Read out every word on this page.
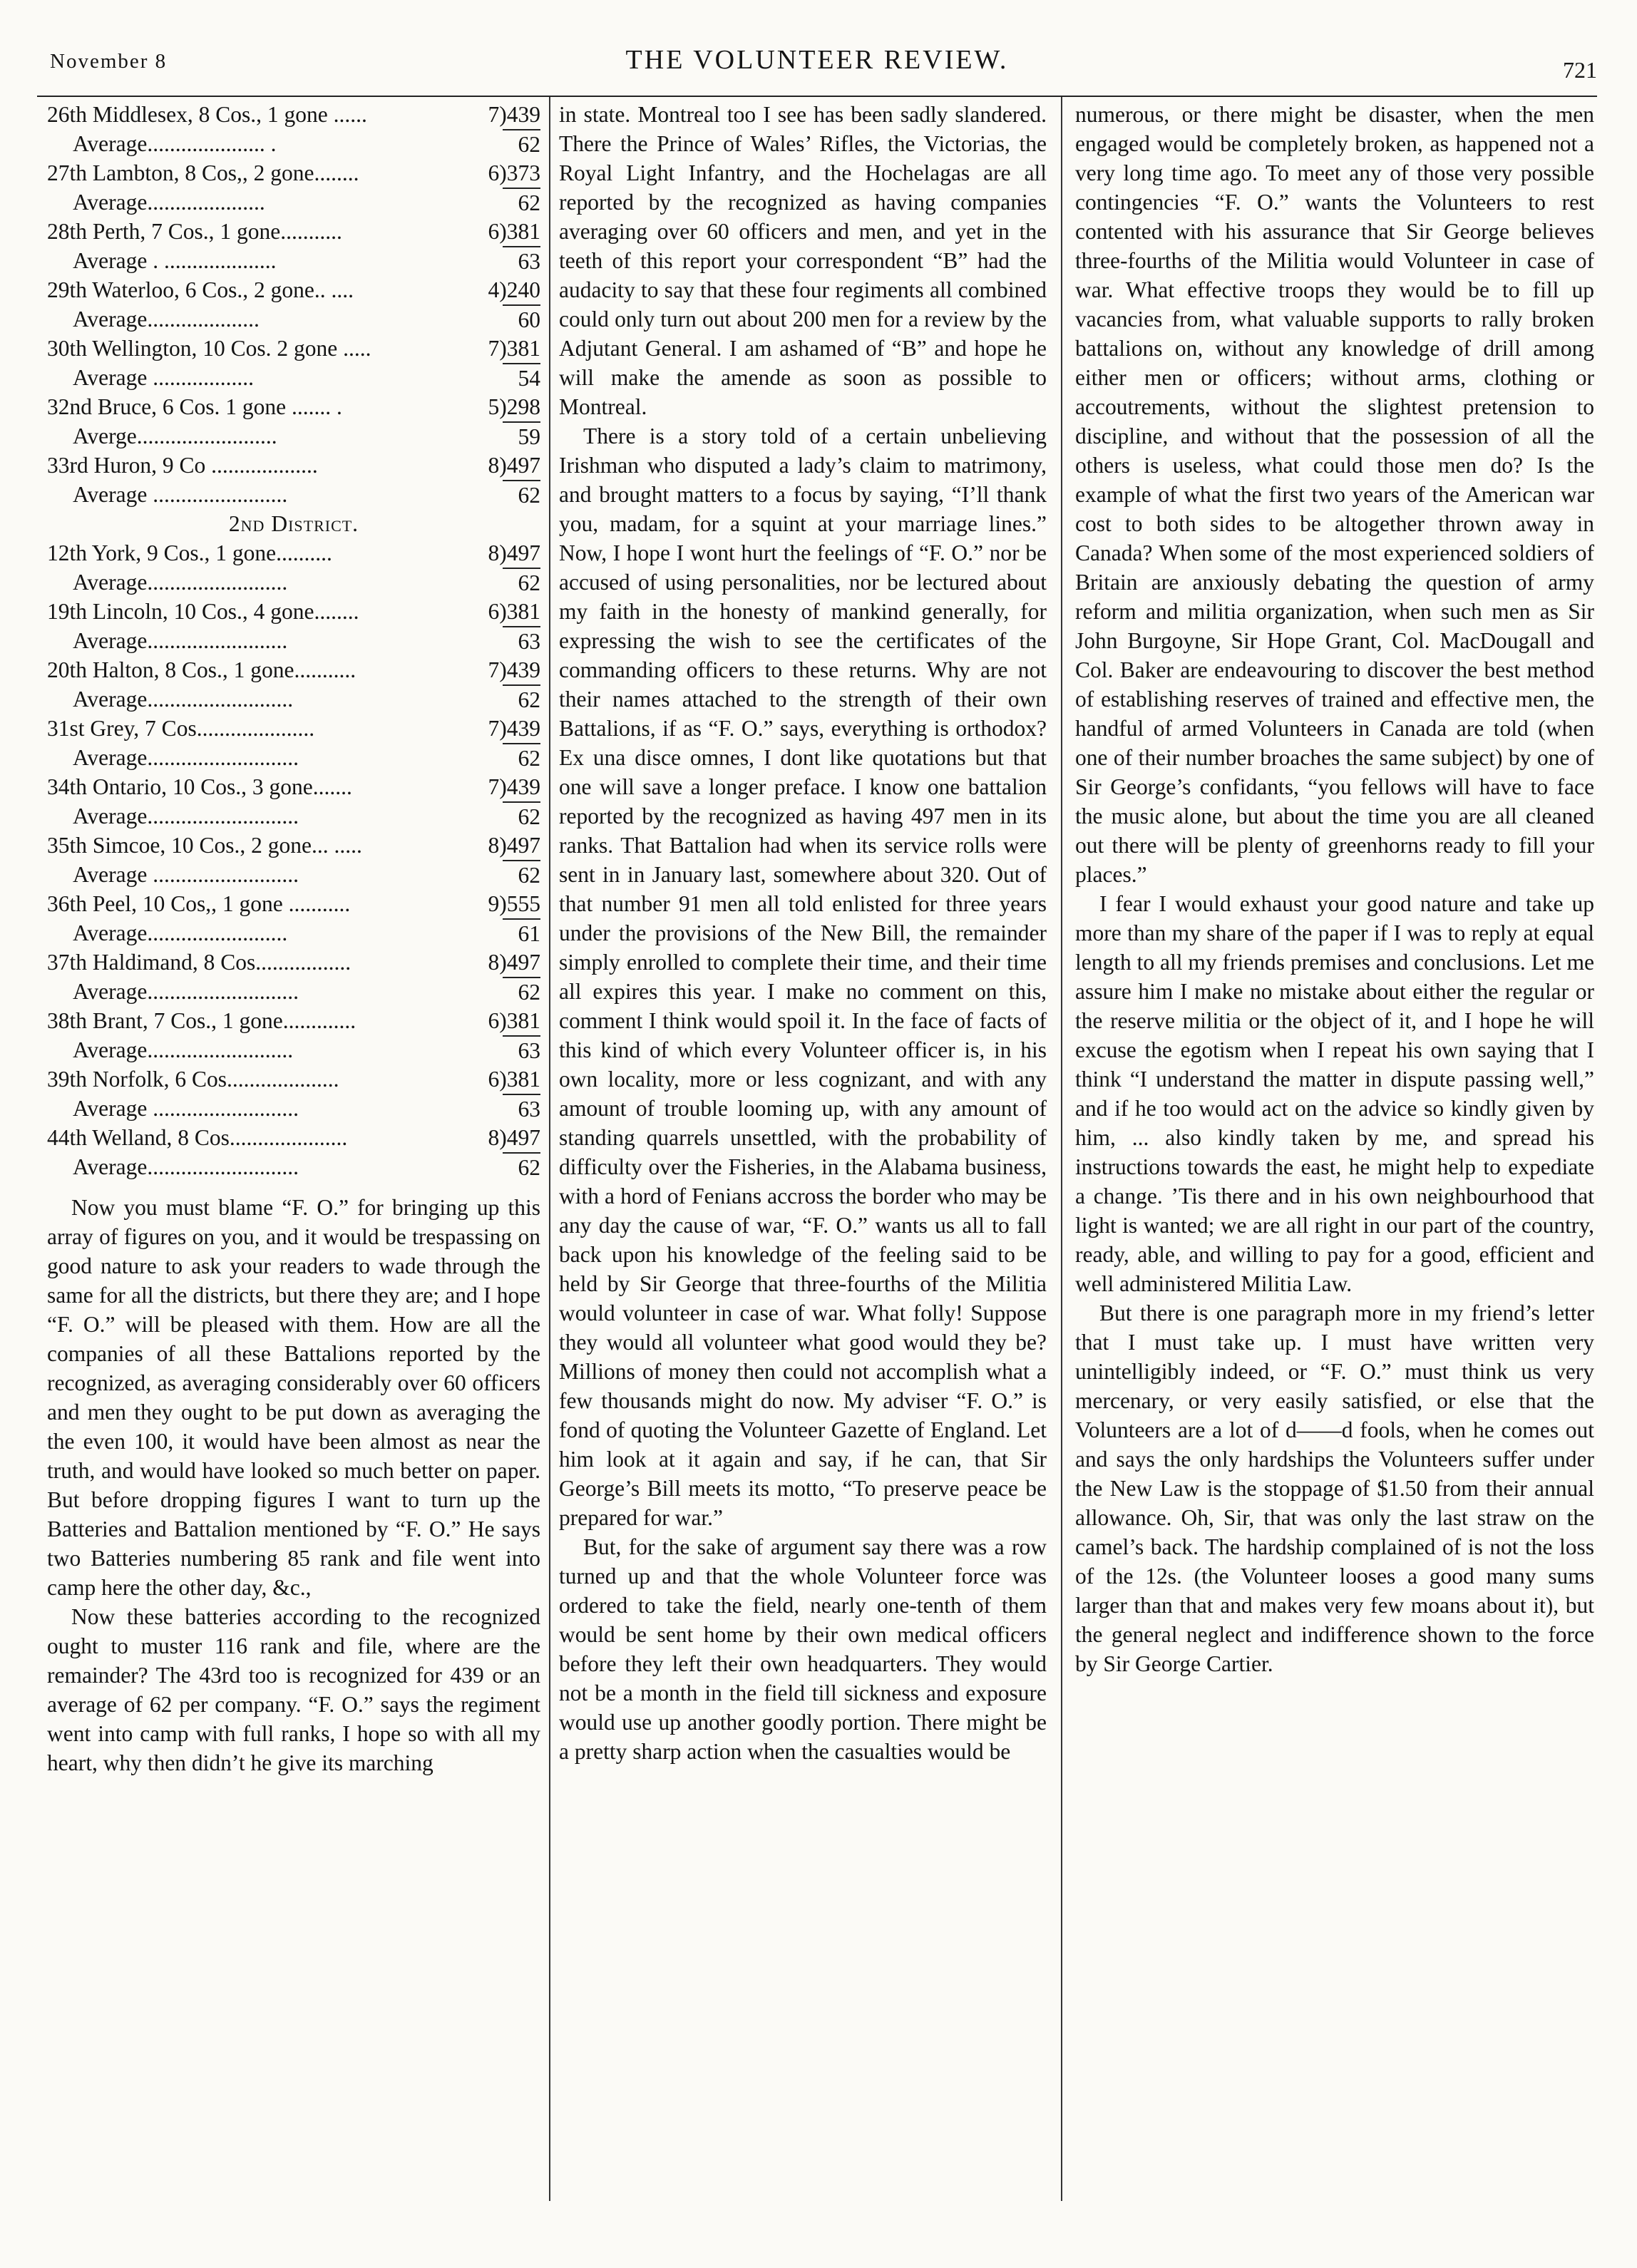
November 8	THE VOLUNTEER REVIEW.	721
26th Middlesex, 8 Cos., 1 gone ......	7)439
Average..................... .	62
27th Lambton, 8 Cos,, 2 gone........	6)373
Average.....................	62
28th Perth, 7 Cos., 1 gone...........	6)381
Average . ....................	63
29th Waterloo, 6 Cos., 2 gone.. ....	4)240
Average....................	60
30th Wellington, 10 Cos. 2 gone .....	7)381
Average ..................	54
32nd Bruce, 6 Cos. 1 gone ....... .	5)298
Averge.........................	59
33rd Huron, 9 Co ...................	8)497
Average ........................	62
2nd District.
12th York, 9 Cos., 1 gone..........	8)497
Average.........................	62
19th Lincoln, 10 Cos., 4 gone........	6)381
Average.........................	63
20th Halton, 8 Cos., 1 gone...........	7)439
Average..........................	62
31st Grey, 7 Cos.....................	7)439
Average...........................	62
34th Ontario, 10 Cos., 3 gone.......	7)439
Average...........................	62
35th Simcoe, 10 Cos., 2 gone... .....	8)497
Average ..........................	62
36th Peel, 10 Cos,, 1 gone ...........	9)555
Average.........................	61
37th Haldimand, 8 Cos.................	8)497
Average...........................	62
38th Brant, 7 Cos., 1 gone.............	6)381
Average..........................	63
39th Norfolk, 6 Cos....................	6)381
Average ..........................	63
44th Welland, 8 Cos.....................	8)497
Average...........................	62

Now you must blame “F. O.” for bringing up this array of figures on you, and it would be trespassing on good nature to ask your readers to wade through the same for all the districts, but there they are; and I hope “F. O.” will be pleased with them. How are all the companies of all these Battalions reported by the recognized, as averaging considerably over 60 officers and men they ought to be put down as averaging the the even 100, it would have been almost as near the truth, and would have looked so much better on paper. But before dropping figures I want to turn up the Batteries and Battalion mentioned by “F. O.” He says two Batteries numbering 85 rank and file went into camp here the other day, &c.,

Now these batteries according to the recognized ought to muster 116 rank and file, where are the remainder? The 43rd too is recognized for 439 or an average of 62 per company. “F. O.” says the regiment went into camp with full ranks, I hope so with all my heart, why then didn’t he give its marching

in state. Montreal too I see has been sadly slandered. There the Prince of Wales’ Rifles, the Victorias, the Royal Light Infantry, and the Hochelagas are all reported by the recognized as having companies averaging over 60 officers and men, and yet in the teeth of this report your correspondent “B” had the audacity to say that these four regiments all combined could only turn out about 200 men for a review by the Adjutant General. I am ashamed of “B” and hope he will make the amende as soon as possible to Montreal.

There is a story told of a certain unbelieving Irishman who disputed a lady’s claim to matrimony, and brought matters to a focus by saying, “I’ll thank you, madam, for a squint at your marriage lines.” Now, I hope I wont hurt the feelings of “F. O.” nor be accused of using personalities, nor be lectured about my faith in the honesty of mankind generally, for expressing the wish to see the certificates of the commanding officers to these returns. Why are not their names attached to the strength of their own Battalions, if as “F. O.” says, everything is orthodox? Ex una disce omnes, I dont like quotations but that one will save a longer preface. I know one battalion reported by the recognized as having 497 men in its ranks. That Battalion had when its service rolls were sent in in January last, somewhere about 320. Out of that number 91 men all told enlisted for three years under the provisions of the New Bill, the remainder simply enrolled to complete their time, and their time all expires this year. I make no comment on this, comment I think would spoil it. In the face of facts of this kind of which every Volunteer officer is, in his own locality, more or less cognizant, and with any amount of trouble looming up, with any amount of standing quarrels unsettled, with the probability of difficulty over the Fisheries, in the Alabama business, with a hord of Fenians accross the border who may be any day the cause of war, “F. O.” wants us all to fall back upon his knowledge of the feeling said to be held by Sir George that three-fourths of the Militia would volunteer in case of war. What folly! Suppose they would all volunteer what good would they be? Millions of money then could not accomplish what a few thousands might do now. My adviser “F. O.” is fond of quoting the Volunteer Gazette of England. Let him look at it again and say, if he can, that Sir George’s Bill meets its motto, “To preserve peace be prepared for war.”

But, for the sake of argument say there was a row turned up and that the whole Volunteer force was ordered to take the field, nearly one-tenth of them would be sent home by their own medical officers before they left their own headquarters. They would not be a month in the field till sickness and exposure would use up another goodly portion. There might be a pretty sharp action when the casualties would be

numerous, or there might be disaster, when the men engaged would be completely broken, as happened not a very long time ago. To meet any of those very possible contingencies “F. O.” wants the Volunteers to rest contented with his assurance that Sir George believes three-fourths of the Militia would Volunteer in case of war. What effective troops they would be to fill up vacancies from, what valuable supports to rally broken battalions on, without any knowledge of drill among either men or officers; without arms, clothing or accoutrements, without the slightest pretension to discipline, and without that the possession of all the others is useless, what could those men do? Is the example of what the first two years of the American war cost to both sides to be altogether thrown away in Canada? When some of the most experienced soldiers of Britain are anxiously debating the question of army reform and militia organization, when such men as Sir John Burgoyne, Sir Hope Grant, Col. MacDougall and Col. Baker are endeavouring to discover the best method of establishing reserves of trained and effective men, the handful of armed Volunteers in Canada are told (when one of their number broaches the same subject) by one of Sir George’s confidants, “you fellows will have to face the music alone, but about the time you are all cleaned out there will be plenty of greenhorns ready to fill your places.”

I fear I would exhaust your good nature and take up more than my share of the paper if I was to reply at equal length to all my friends premises and conclusions. Let me assure him I make no mistake about either the regular or the reserve militia or the object of it, and I hope he will excuse the egotism when I repeat his own saying that I think “I understand the matter in dispute passing well,” and if he too would act on the advice so kindly given by him, ... also kindly taken by me, and spread his instructions towards the east, he might help to expediate a change. ’Tis there and in his own neighbourhood that light is wanted; we are all right in our part of the country, ready, able, and willing to pay for a good, efficient and well administered Militia Law.

But there is one paragraph more in my friend’s letter that I must take up. I must have written very unintelligibly indeed, or “F. O.” must think us very mercenary, or very easily satisfied, or else that the Volunteers are a lot of d——d fools, when he comes out and says the only hardships the Volunteers suffer under the New Law is the stoppage of $1.50 from their annual allowance. Oh, Sir, that was only the last straw on the camel’s back. The hardship complained of is not the loss of the 12s. (the Volunteer looses a good many sums larger than that and makes very few moans about it), but the general neglect and indifference shown to the force by Sir George Cartier.
